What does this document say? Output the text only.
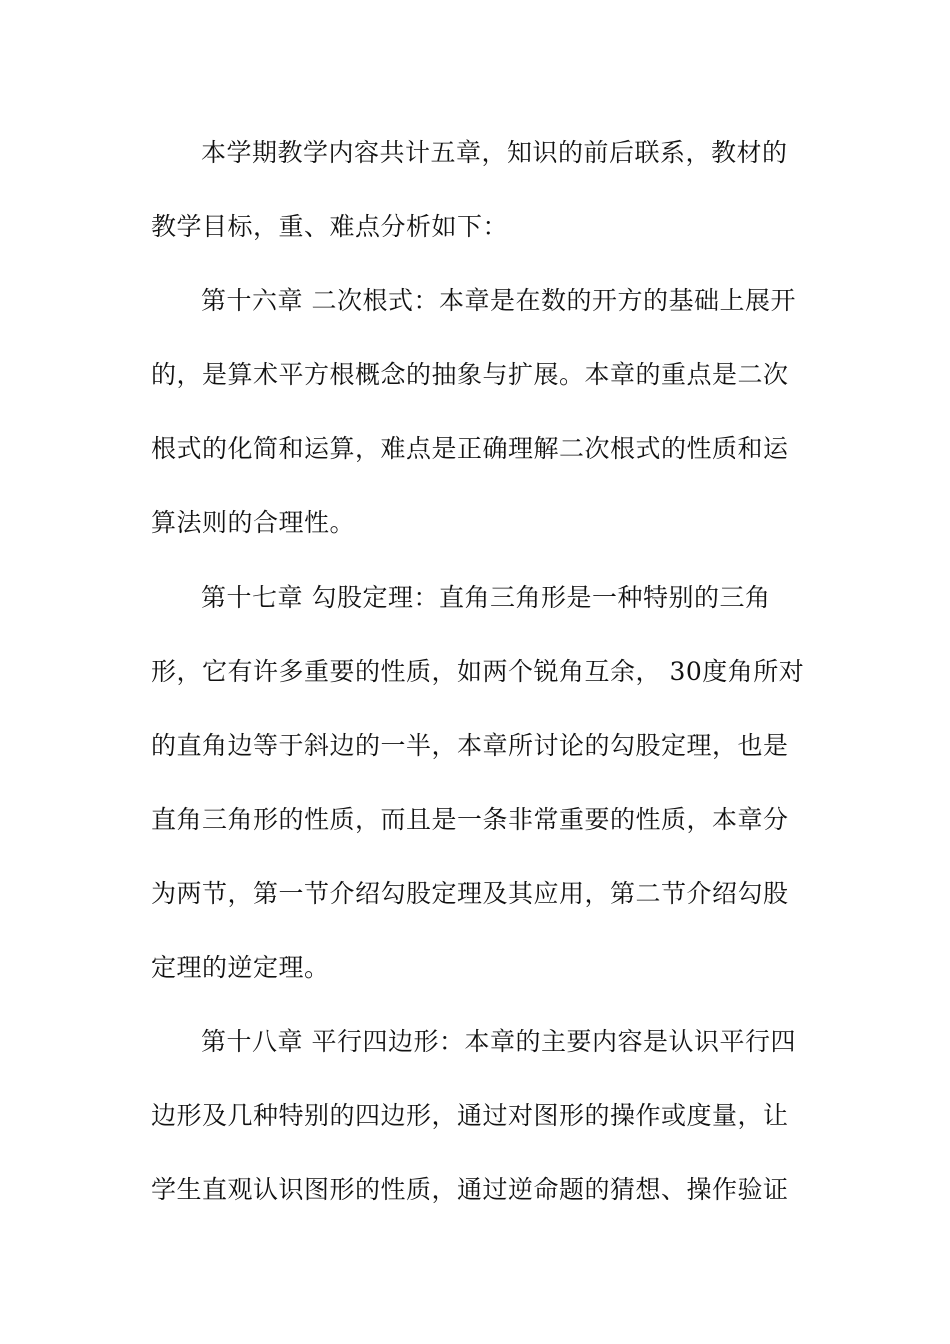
本学期教学内容共计五章，知识的前后联系，教材的
教学目标，重、难点分析如下：
第十六章 二次根式：本章是在数的开方的基础上展开
的，是算术平方根概念的抽象与扩展。本章的重点是二次
根式的化简和运算，难点是正确理解二次根式的性质和运
算法则的合理性。
第十七章 勾股定理：直角三角形是一种特别的三角
形，它有许多重要的性质，如两个锐角互余， 30度角所对
的直角边等于斜边的一半，本章所讨论的勾股定理，也是
直角三角形的性质，而且是一条非常重要的性质，本章分
为两节，第一节介绍勾股定理及其应用，第二节介绍勾股
定理的逆定理。
第十八章 平行四边形：本章的主要内容是认识平行四
边形及几种特别的四边形，通过对图形的操作或度量，让
学生直观认识图形的性质，通过逆命题的猜想、操作验证
